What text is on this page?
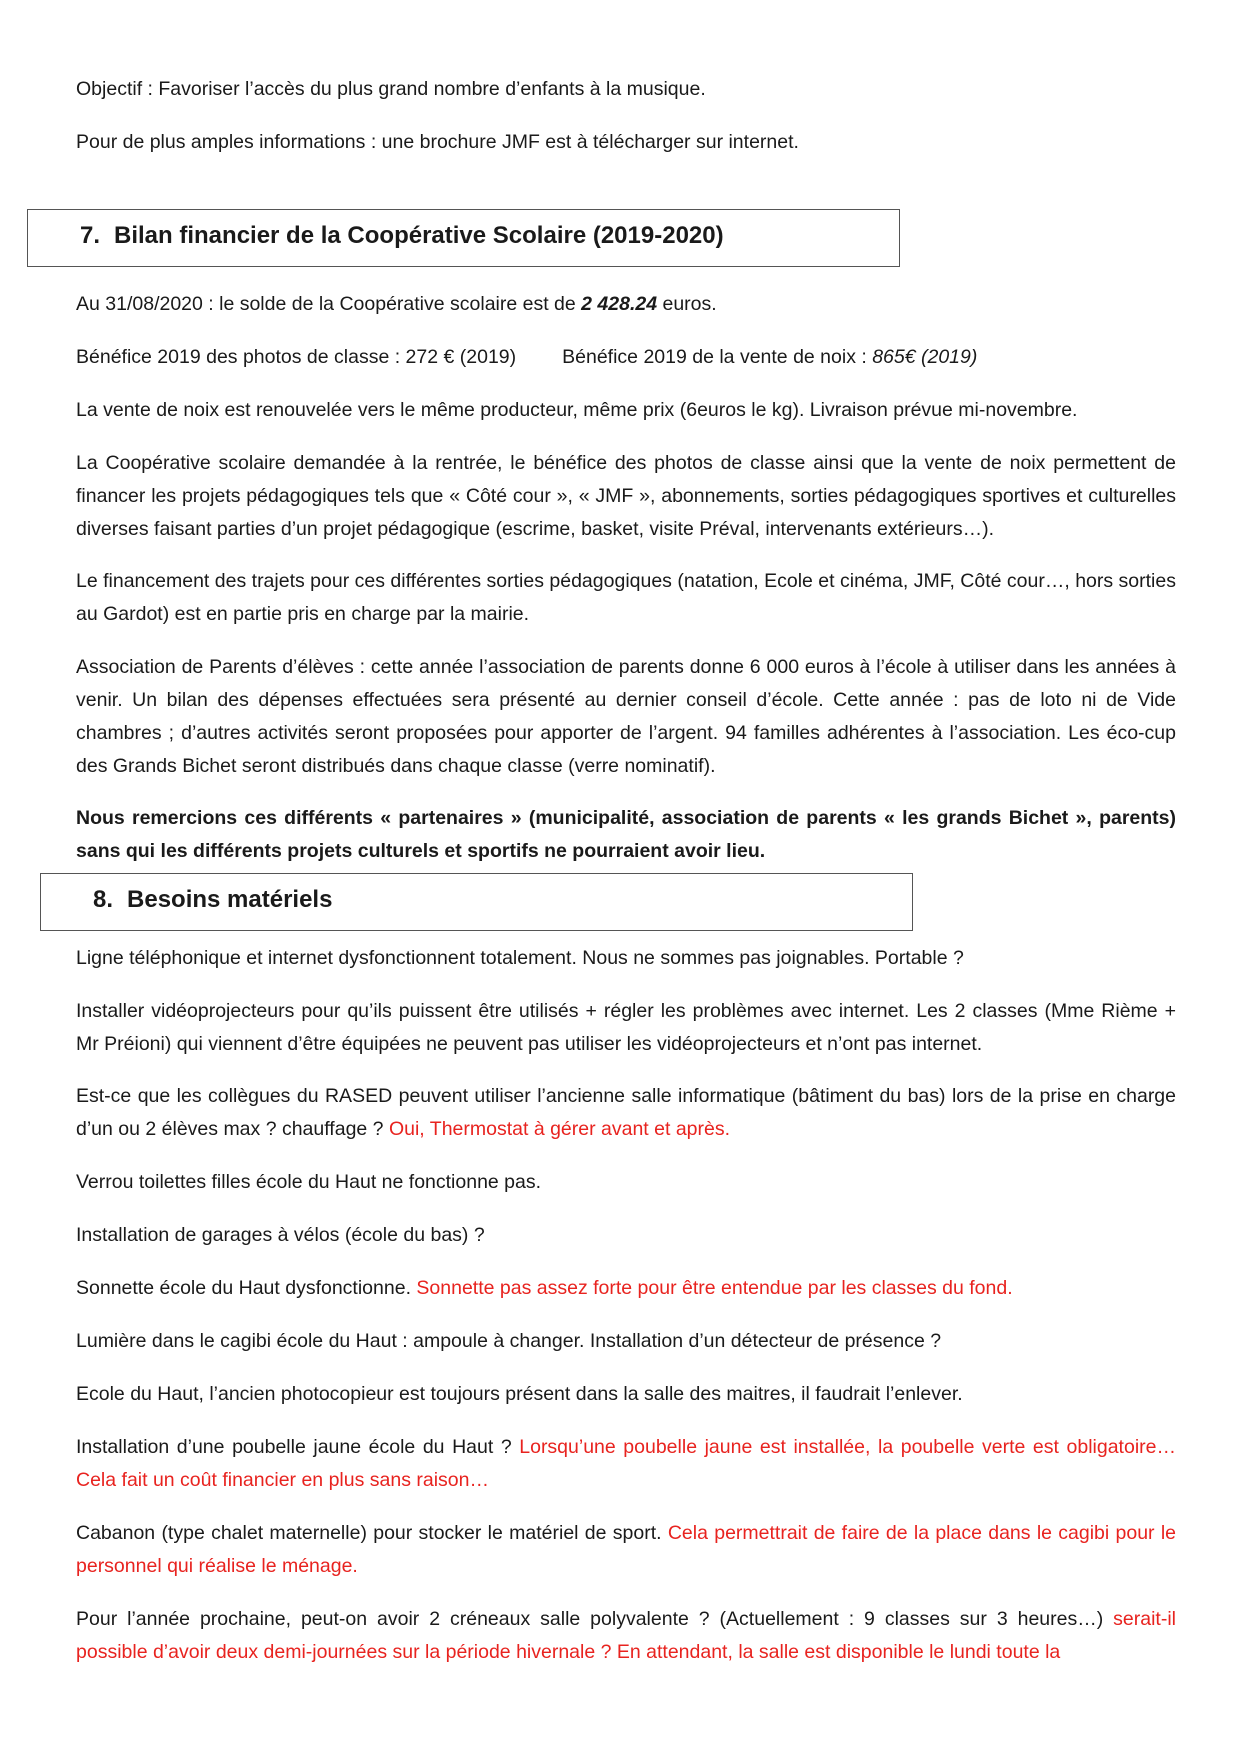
Objectif : Favoriser l’accès du plus grand nombre d’enfants à la musique.

Pour de plus amples informations : une brochure JMF est à télécharger sur internet.

7. Bilan financier de la Coopérative Scolaire (2019-2020)

Au 31/08/2020 : le solde de la Coopérative scolaire est de 2 428.24 euros.

Bénéfice 2019 des photos de classe : 272 € (2019) Bénéfice 2019 de la vente de noix : 865€ (2019)

La vente de noix est renouvelée vers le même producteur, même prix (6euros le kg). Livraison prévue mi-novembre.

La Coopérative scolaire demandée à la rentrée, le bénéfice des photos de classe ainsi que la vente de noix permettent de financer les projets pédagogiques tels que « Côté cour », « JMF », abonnements, sorties pédagogiques sportives et culturelles diverses faisant parties d’un projet pédagogique (escrime, basket, visite Préval, intervenants extérieurs…).

Le financement des trajets pour ces différentes sorties pédagogiques (natation, Ecole et cinéma, JMF, Côté cour…, hors sorties au Gardot) est en partie pris en charge par la mairie.

Association de Parents d’élèves : cette année l’association de parents donne 6 000 euros à l’école à utiliser dans les années à venir. Un bilan des dépenses effectuées sera présenté au dernier conseil d’école. Cette année : pas de loto ni de Vide chambres ; d’autres activités seront proposées pour apporter de l’argent. 94 familles adhérentes à l’association. Les éco-cup des Grands Bichet seront distribués dans chaque classe (verre nominatif).

Nous remercions ces différents « partenaires » (municipalité, association de parents « les grands Bichet », parents) sans qui les différents projets culturels et sportifs ne pourraient avoir lieu.

8. Besoins matériels

Ligne téléphonique et internet dysfonctionnent totalement. Nous ne sommes pas joignables. Portable ?

Installer vidéoprojecteurs pour qu’ils puissent être utilisés + régler les problèmes avec internet. Les 2 classes (Mme Rième + Mr Préioni) qui viennent d’être équipées ne peuvent pas utiliser les vidéoprojecteurs et n’ont pas internet.

Est-ce que les collègues du RASED peuvent utiliser l’ancienne salle informatique (bâtiment du bas) lors de la prise en charge d’un ou 2 élèves max ? chauffage ? Oui, Thermostat à gérer avant et après.

Verrou toilettes filles école du Haut ne fonctionne pas.

Installation de garages à vélos (école du bas) ?

Sonnette école du Haut dysfonctionne. Sonnette pas assez forte pour être entendue par les classes du fond.

Lumière dans le cagibi école du Haut : ampoule à changer. Installation d’un détecteur de présence ?

Ecole du Haut, l’ancien photocopieur est toujours présent dans la salle des maitres, il faudrait l’enlever.

Installation d’une poubelle jaune école du Haut ? Lorsqu’une poubelle jaune est installée, la poubelle verte est obligatoire… Cela fait un coût financier en plus sans raison…

Cabanon (type chalet maternelle) pour stocker le matériel de sport. Cela permettrait de faire de la place dans le cagibi pour le personnel qui réalise le ménage.

Pour l’année prochaine, peut-on avoir 2 créneaux salle polyvalente ? (Actuellement : 9 classes sur 3 heures…) serait-il possible d’avoir deux demi-journées sur la période hivernale ? En attendant, la salle est disponible le lundi toute la
